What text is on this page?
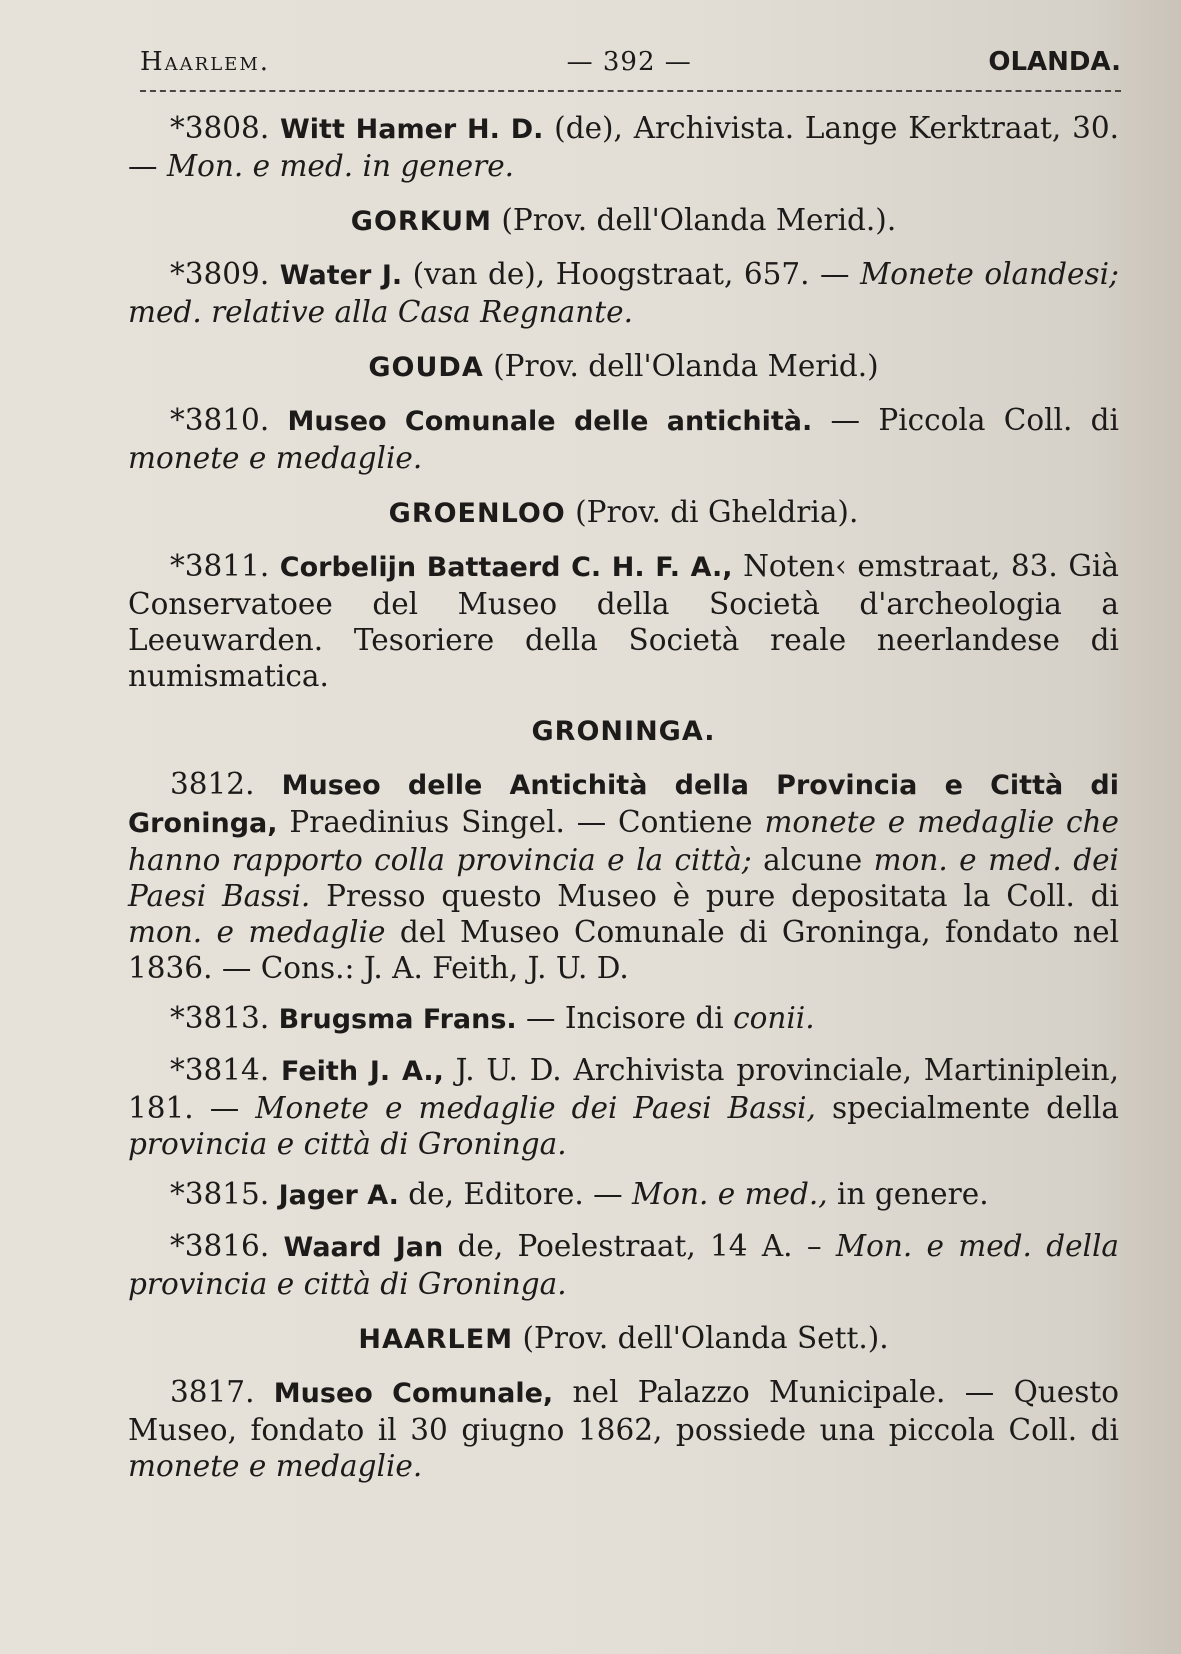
Haarlem.	— 392 —	OLANDA.

*3808. Witt Hamer H. D. (de), Archivista. Lange Kerktraat, 30. — Mon. e med. in genere.

GORKUM (Prov. dell'Olanda Merid.).

*3809. Water J. (van de), Hoogstraat, 657. — Monete olandesi; med. relative alla Casa Regnante.

GOUDA (Prov. dell'Olanda Merid.)

*3810. Museo Comunale delle antichità. — Piccola Coll. di monete e medaglie.

GROENLOO (Prov. di Gheldria).

*3811. Corbelijn Battaerd C. H. F. A., Noten‹ emstraat, 83. Già Conservatoee del Museo della Società d'archeologia a Leeuwarden. Tesoriere della Società reale neerlandese di numismatica.

GRONINGA.

3812. Museo delle Antichità della Provincia e Città di Groninga, Praedinius Singel. — Contiene monete e medaglie che hanno rapporto colla provincia e la città; alcune mon. e med. dei Paesi Bassi. Presso questo Museo è pure depositata la Coll. di mon. e medaglie del Museo Comunale di Groninga, fondato nel 1836. — Cons.: J. A. Feith, J. U. D.

*3813. Brugsma Frans. — Incisore di conii.

*3814. Feith J. A., J. U. D. Archivista provinciale, Martiniplein, 181. — Monete e medaglie dei Paesi Bassi, specialmente della provincia e città di Groninga.

*3815. Jager A. de, Editore. — Mon. e med., in genere.

*3816. Waard Jan de, Poelestraat, 14 A. – Mon. e med. della provincia e città di Groninga.

HAARLEM (Prov. dell'Olanda Sett.).

3817. Museo Comunale, nel Palazzo Municipale. — Questo Museo, fondato il 30 giugno 1862, possiede una piccola Coll. di monete e medaglie.
